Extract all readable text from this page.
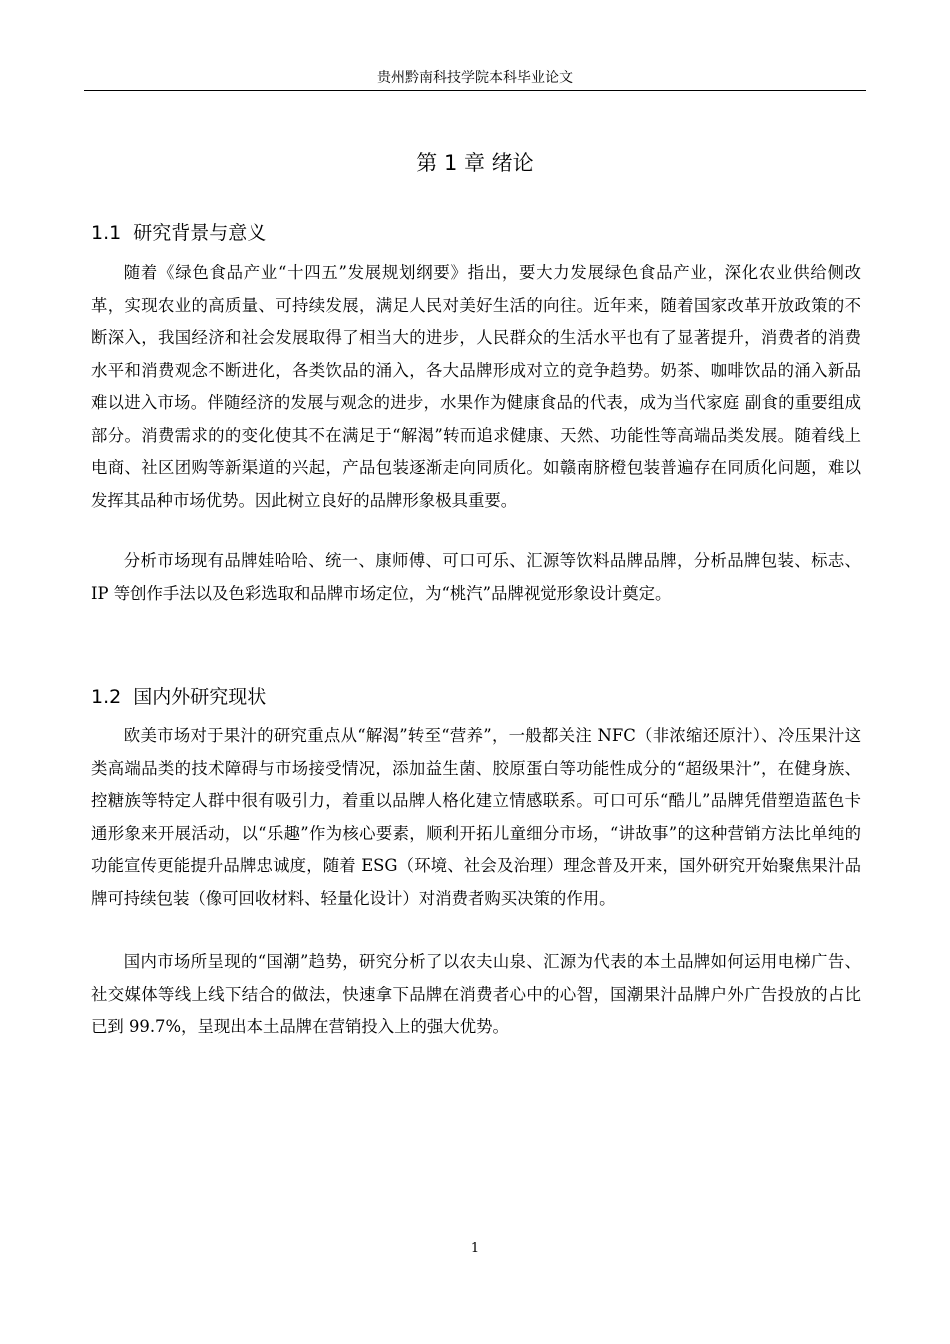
贵州黔南科技学院本科毕业论文
第 1 章 绪论
1.1 研究背景与意义

随着《绿色食品产业“十四五”发展规划纲要》指出，要大力发展绿色食品产业，深化农业供给侧改革，实现农业的高质量、可持续发展，满足人民对美好生活的向往。近年来，随着国家改革开放政策的不断深入，我国经济和社会发展取得了相当大的进步，人民群众的生活水平也有了显著提升，消费者的消费水平和消费观念不断进化，各类饮品的涌入，各大品牌形成对立的竞争趋势。奶茶、咖啡饮品的涌入新品难以进入市场。伴随经济的发展与观念的进步，水果作为健康食品的代表，成为当代家庭 副食的重要组成部分。消费需求的的变化使其不在满足于“解渴”转而追求健康、天然、功能性等高端品类发展。随着线上电商、社区团购等新渠道的兴起，产品包装逐渐走向同质化。如赣南脐橙包装普遍存在同质化问题，难以发挥其品种市场优势。因此树立良好的品牌形象极具重要。

分析市场现有品牌娃哈哈、统一、康师傅、可口可乐、汇源等饮料品牌品牌，分析品牌包装、标志、IP 等创作手法以及色彩选取和品牌市场定位，为“桃汽”品牌视觉形象设计奠定。

1.2 国内外研究现状

欧美市场对于果汁的研究重点从“解渴”转至“营养”，一般都关注 NFC（非浓缩还原汁）、冷压果汁这类高端品类的技术障碍与市场接受情况，添加益生菌、胶原蛋白等功能性成分的“超级果汁”，在健身族、控糖族等特定人群中很有吸引力，着重以品牌人格化建立情感联系。可口可乐“酷儿”品牌凭借塑造蓝色卡通形象来开展活动，以“乐趣”作为核心要素，顺利开拓儿童细分市场，“讲故事”的这种营销方法比单纯的功能宣传更能提升品牌忠诚度，随着 ESG（环境、社会及治理）理念普及开来，国外研究开始聚焦果汁品牌可持续包装（像可回收材料、轻量化设计）对消费者购买决策的作用。

国内市场所呈现的“国潮”趋势，研究分析了以农夫山泉、汇源为代表的本土品牌如何运用电梯广告、社交媒体等线上线下结合的做法，快速拿下品牌在消费者心中的心智，国潮果汁品牌户外广告投放的占比已到 99.7%，呈现出本土品牌在营销投入上的强大优势。

1
